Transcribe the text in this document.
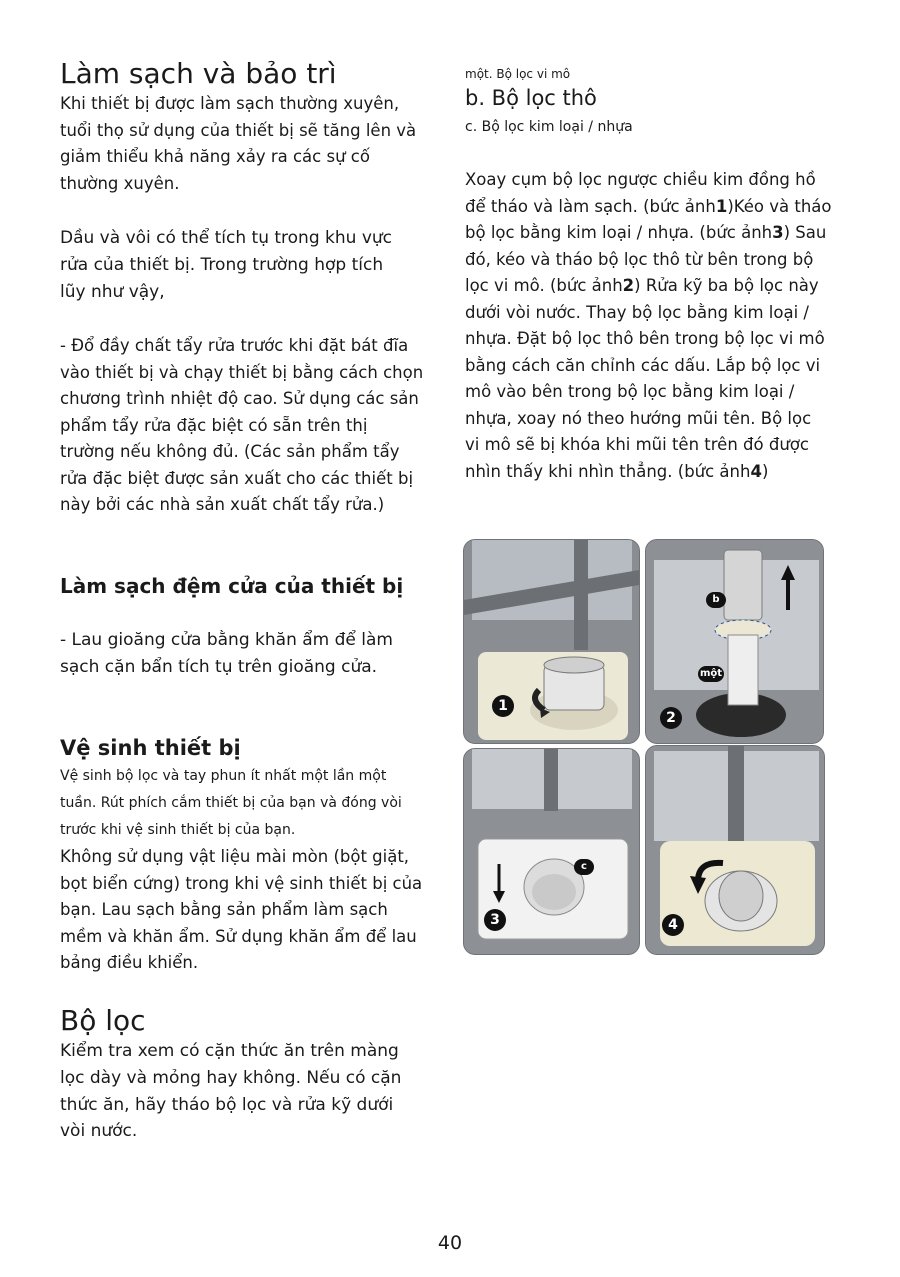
Làm sạch và bảo trì

Khi thiết bị được làm sạch thường xuyên,

tuổi thọ sử dụng của thiết bị sẽ tăng lên và

giảm thiểu khả năng xảy ra các sự cố

thường xuyên.

Dầu và vôi có thể tích tụ trong khu vực

rửa của thiết bị. Trong trường hợp tích

lũy như vậy,

- Đổ đầy chất tẩy rửa trước khi đặt bát đĩa

vào thiết bị và chạy thiết bị bằng cách chọn

chương trình nhiệt độ cao. Sử dụng các sản

phẩm tẩy rửa đặc biệt có sẵn trên thị

trường nếu không đủ. (Các sản phẩm tẩy

rửa đặc biệt được sản xuất cho các thiết bị

này bởi các nhà sản xuất chất tẩy rửa.)

Làm sạch đệm cửa của thiết bị

- Lau gioăng cửa bằng khăn ẩm để làm

sạch cặn bẩn tích tụ trên gioăng cửa.

Vệ sinh thiết bị

Vệ sinh bộ lọc và tay phun ít nhất một lần một

tuần. Rút phích cắm thiết bị của bạn và đóng vòi

trước khi vệ sinh thiết bị của bạn.

Không sử dụng vật liệu mài mòn (bột giặt,

bọt biển cứng) trong khi vệ sinh thiết bị của

bạn. Lau sạch bằng sản phẩm làm sạch

mềm và khăn ẩm. Sử dụng khăn ẩm để lau

bảng điều khiển.

Bộ lọc

Kiểm tra xem có cặn thức ăn trên màng

lọc dày và mỏng hay không. Nếu có cặn

thức ăn, hãy tháo bộ lọc và rửa kỹ dưới

vòi nước.

một. Bộ lọc vi mô
b. Bộ lọc thô
c. Bộ lọc kim loại / nhựa

Xoay cụm bộ lọc ngược chiều kim đồng hồ

để tháo và làm sạch. (bức ảnh1)Kéo và tháo

bộ lọc bằng kim loại / nhựa. (bức ảnh3) Sau

đó, kéo và tháo bộ lọc thô từ bên trong bộ

lọc vi mô. (bức ảnh2) Rửa kỹ ba bộ lọc này

dưới vòi nước. Thay bộ lọc bằng kim loại /

nhựa. Đặt bộ lọc thô bên trong bộ lọc vi mô

bằng cách căn chỉnh các dấu. Lắp bộ lọc vi

mô vào bên trong bộ lọc bằng kim loại /

nhựa, xoay nó theo hướng mũi tên. Bộ lọc

vi mô sẽ bị khóa khi mũi tên trên đó được

nhìn thấy khi nhìn thẳng. (bức ảnh4)

1
2
b
một
3
c
4
40
